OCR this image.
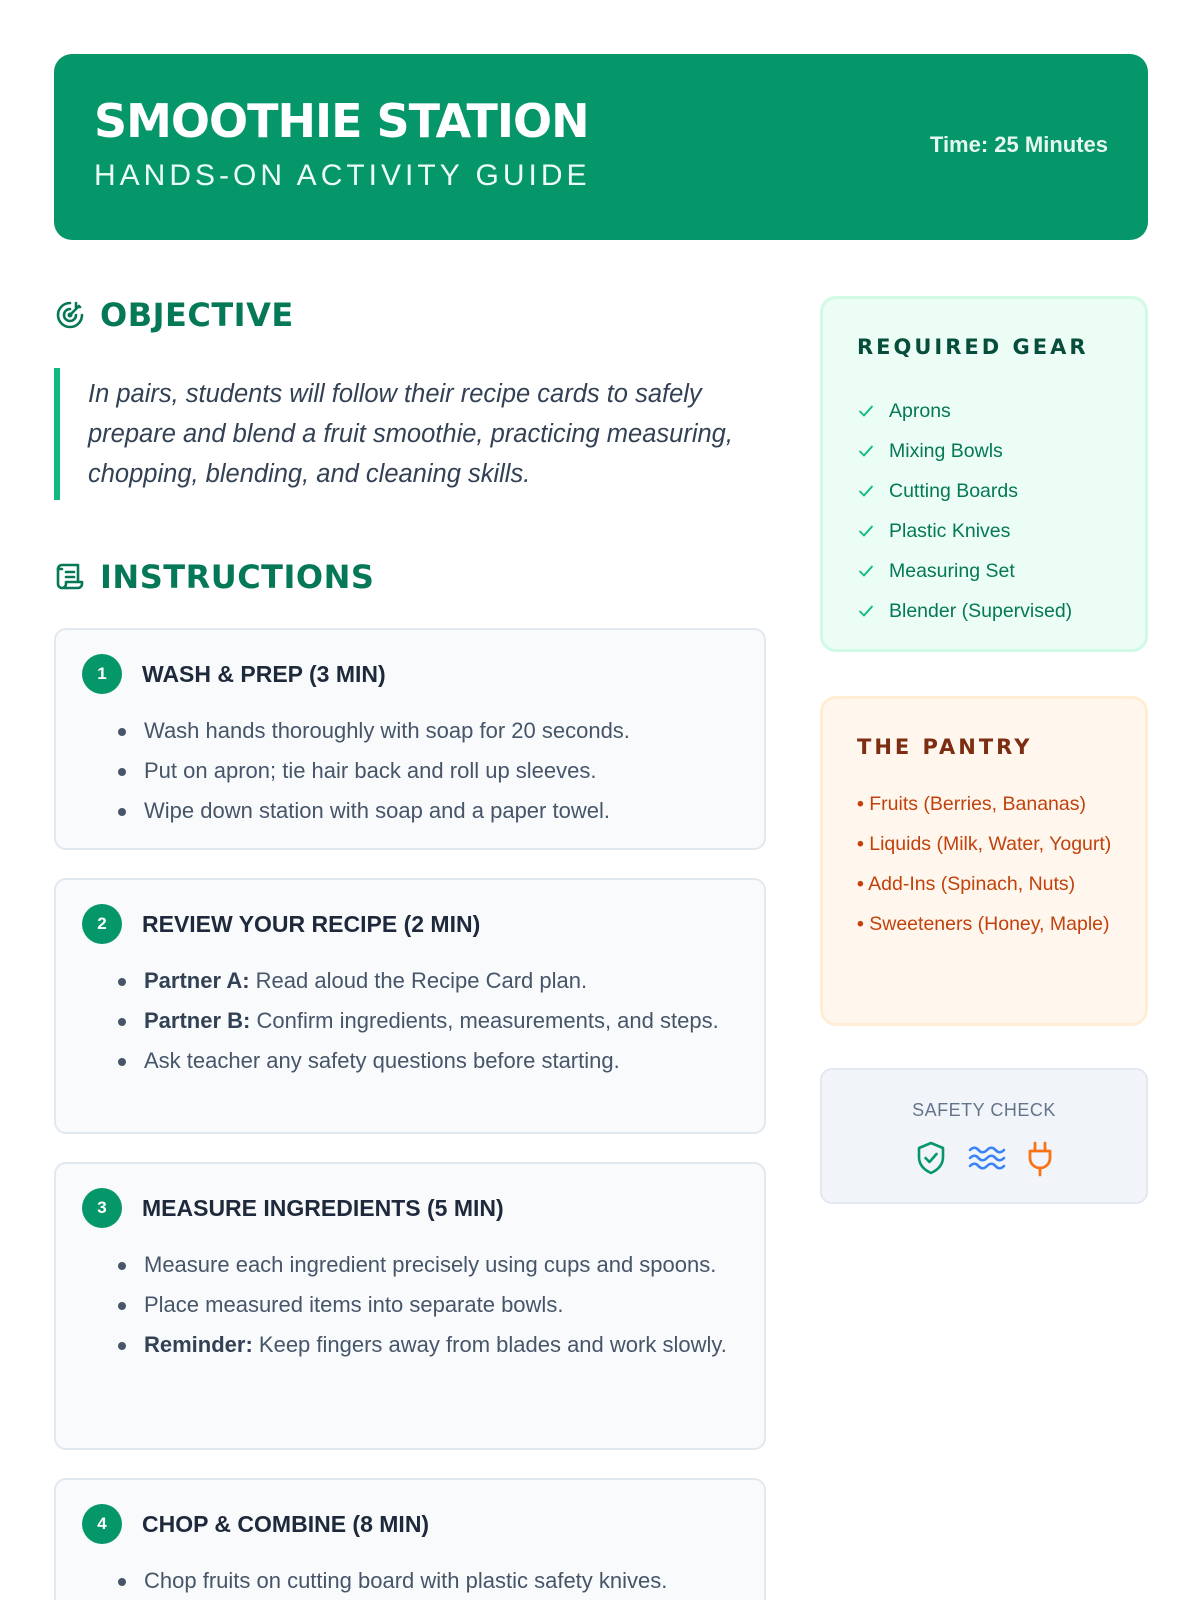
SMOOTHIE STATION
HANDS-ON ACTIVITY GUIDE
Time: 25 Minutes
OBJECTIVE
In pairs, students will follow their recipe cards to safely prepare and blend a fruit smoothie, practicing measuring, chopping, blending, and cleaning skills.
INSTRUCTIONS
1	WASH & PREP (3 MIN)
Wash hands thoroughly with soap for 20 seconds.
Put on apron; tie hair back and roll up sleeves.
Wipe down station with soap and a paper towel.
2	REVIEW YOUR RECIPE (2 MIN)
Partner A: Read aloud the Recipe Card plan.
Partner B: Confirm ingredients, measurements, and steps.
Ask teacher any safety questions before starting.
3	MEASURE INGREDIENTS (5 MIN)
Measure each ingredient precisely using cups and spoons.
Place measured items into separate bowls.
Reminder: Keep fingers away from blades and work slowly.
4	CHOP & COMBINE (8 MIN)
Chop fruits on cutting board with plastic safety knives.
REQUIRED GEAR
Aprons
Mixing Bowls
Cutting Boards
Plastic Knives
Measuring Set
Blender (Supervised)
THE PANTRY
• Fruits (Berries, Bananas)
• Liquids (Milk, Water, Yogurt)
• Add-Ins (Spinach, Nuts)
• Sweeteners (Honey, Maple)
SAFETY CHECK
